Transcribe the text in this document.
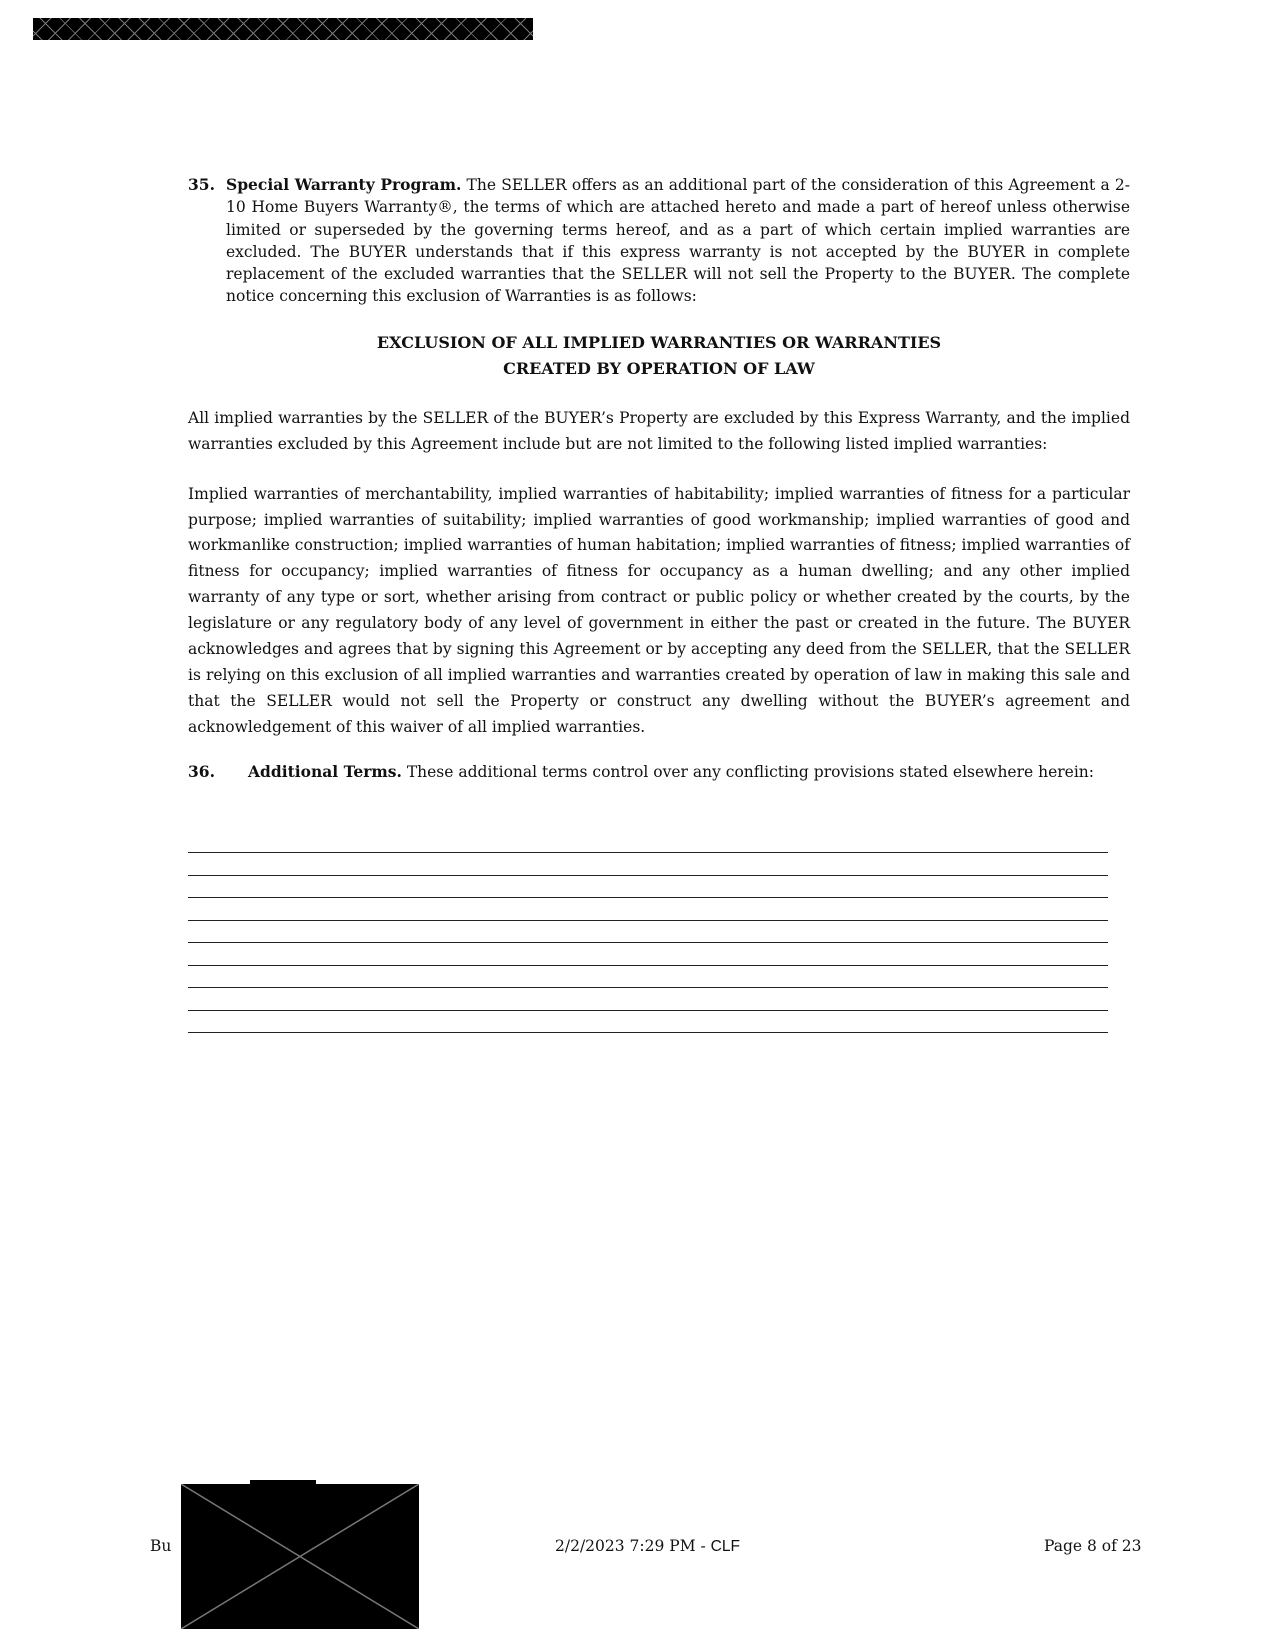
35. Special Warranty Program. The SELLER offers as an additional part of the consideration of this Agreement a 2-10 Home Buyers Warranty®, the terms of which are attached hereto and made a part of hereof unless otherwise limited or superseded by the governing terms hereof, and as a part of which certain implied warranties are excluded. The BUYER understands that if this express warranty is not accepted by the BUYER in complete replacement of the excluded warranties that the SELLER will not sell the Property to the BUYER. The complete notice concerning this exclusion of Warranties is as follows:
EXCLUSION OF ALL IMPLIED WARRANTIES OR WARRANTIES
CREATED BY OPERATION OF LAW
All implied warranties by the SELLER of the BUYER’s Property are excluded by this Express Warranty, and the implied warranties excluded by this Agreement include but are not limited to the following listed implied warranties:
Implied warranties of merchantability, implied warranties of habitability; implied warranties of fitness for a particular purpose; implied warranties of suitability; implied warranties of good workmanship; implied warranties of good and workmanlike construction; implied warranties of human habitation; implied warranties of fitness; implied warranties of fitness for occupancy; implied warranties of fitness for occupancy as a human dwelling; and any other implied warranty of any type or sort, whether arising from contract or public policy or whether created by the courts, by the legislature or any regulatory body of any level of government in either the past or created in the future. The BUYER acknowledges and agrees that by signing this Agreement or by accepting any deed from the SELLER, that the SELLER is relying on this exclusion of all implied warranties and warranties created by operation of law in making this sale and that the SELLER would not sell the Property or construct any dwelling without the BUYER’s agreement and acknowledgement of this waiver of all implied warranties.
36. Additional Terms. These additional terms control over any conflicting provisions stated elsewhere herein:
Bu	2/2/2023 7:29 PM - CLF	Page 8 of 23
